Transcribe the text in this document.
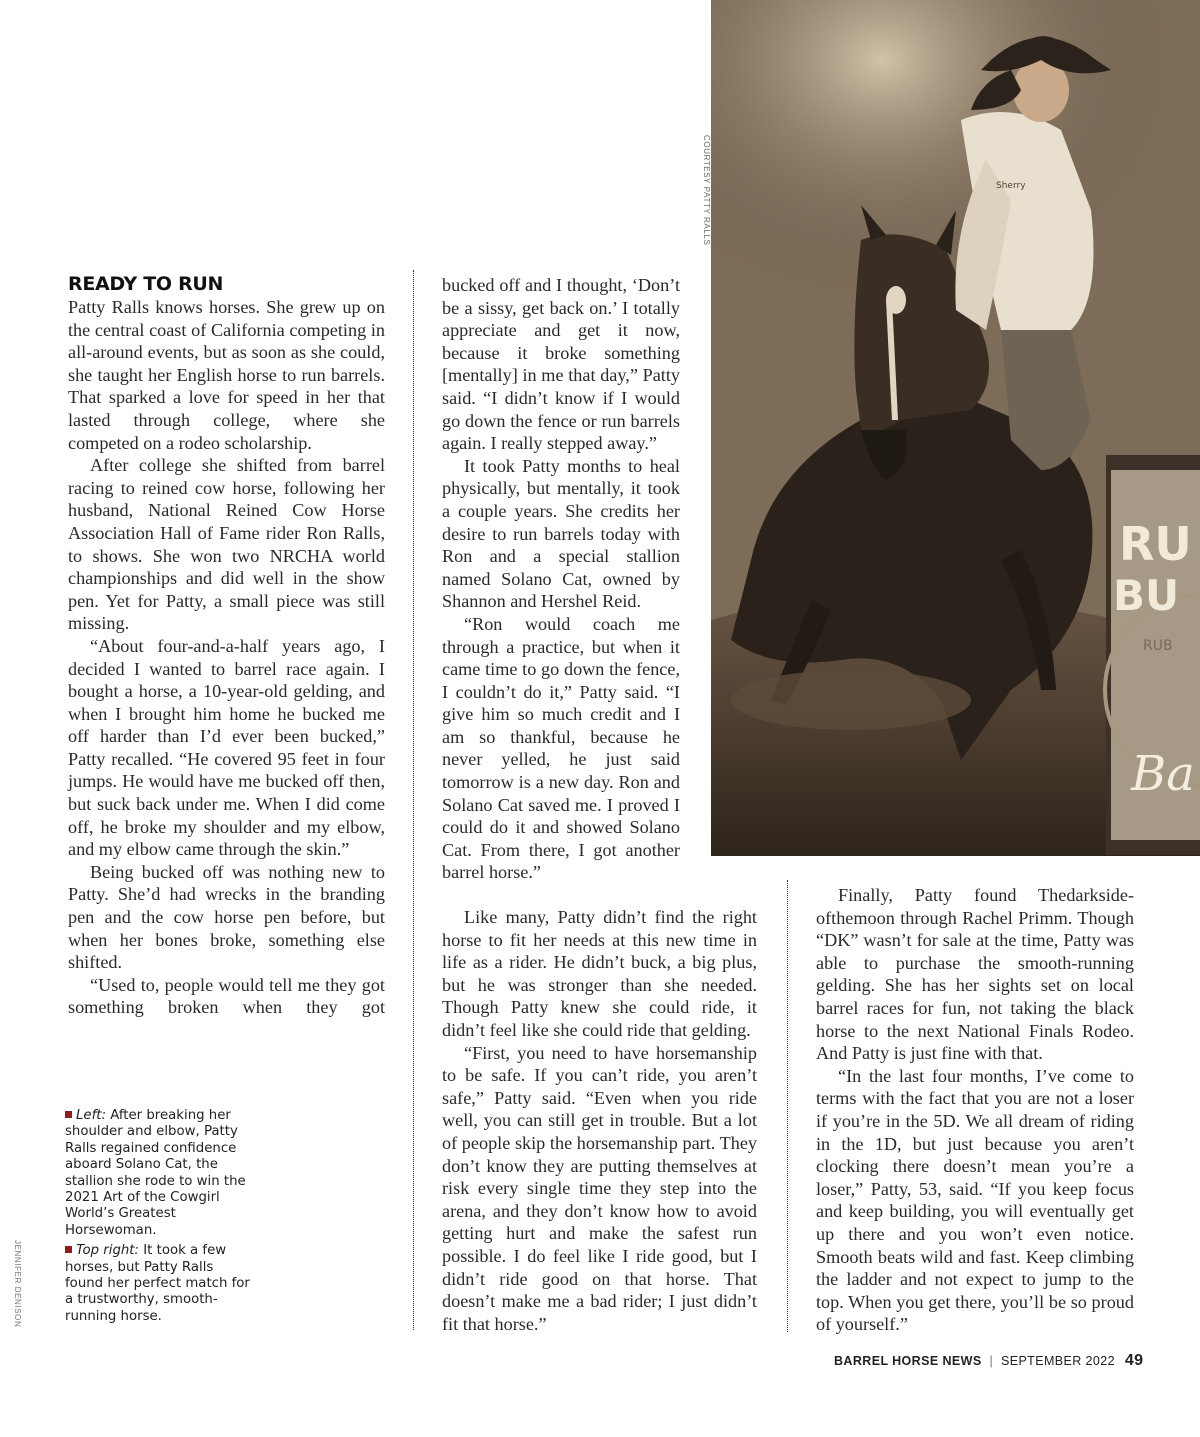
RU
BU
RUB
Ba
Sherry
COURTESY PATTY RALLS
JENNIFER DENISON
READY TO RUN

Patty Ralls knows horses. She grew up on the central coast of California competing in all-around events, but as soon as she could, she taught her English horse to run barrels. That sparked a love for speed in her that lasted through college, where she competed on a rodeo scholarship.

After college she shifted from barrel racing to reined cow horse, following her husband, National Reined Cow Horse Association Hall of Fame rider Ron Ralls, to shows. She won two NRCHA world championships and did well in the show pen. Yet for Patty, a small piece was still missing.

“About four-and-a-half years ago, I decided I wanted to barrel race again. I bought a horse, a 10-year-old gelding, and when I brought him home he bucked me off harder than I’d ever been bucked,” Patty recalled. “He covered 95 feet in four jumps. He would have me bucked off then, but suck back under me. When I did come off, he broke my shoulder and my elbow, and my elbow came through the skin.”

Being bucked off was nothing new to Patty. She’d had wrecks in the branding pen and the cow horse pen before, but when her bones broke, something else shifted.

“Used to, people would tell me they got something broken when they got

bucked off and I thought, ‘Don’t be a sissy, get back on.’ I totally appreciate and get it now, because it broke something [mentally] in me that day,” Patty said. “I didn’t know if I would go down the fence or run barrels again. I really stepped away.”

It took Patty months to heal physically, but mentally, it took a couple years. She credits her desire to run barrels today with Ron and a special stallion named Solano Cat, owned by Shannon and Hershel Reid.

“Ron would coach me through a practice, but when it came time to go down the fence, I couldn’t do it,” Patty said. “I give him so much credit and I am so thankful, because he never yelled, he just said tomorrow is a new day. Ron and Solano Cat saved me. I proved I could do it and showed Solano Cat. From there, I got another barrel horse.”

Like many, Patty didn’t find the right horse to fit her needs at this new time in life as a rider. He didn’t buck, a big plus, but he was stronger than she needed. Though Patty knew she could ride, it didn’t feel like she could ride that gelding.

“First, you need to have horsemanship to be safe. If you can’t ride, you aren’t safe,” Patty said. “Even when you ride well, you can still get in trouble. But a lot of people skip the horsemanship part. They don’t know they are putting themselves at risk every single time they step into the arena, and they don’t know how to avoid getting hurt and make the safest run possible. I do feel like I ride good, but I didn’t ride good on that horse. That doesn’t make me a bad rider; I just didn’t fit that horse.”

Finally, Patty found Thedarksideofthemoon through Rachel Primm. Though “DK” wasn’t for sale at the time, Patty was able to purchase the smooth-running gelding. She has her sights set on local barrel races for fun, not taking the black horse to the next National Finals Rodeo. And Patty is just fine with that.

“In the last four months, I’ve come to terms with the fact that you are not a loser if you’re in the 5D. We all dream of riding in the 1D, but just because you aren’t clocking there doesn’t mean you’re a loser,” Patty, 53, said. “If you keep focus and keep building, you will eventually get up there and you won’t even notice. Smooth beats wild and fast. Keep climbing the ladder and not expect to jump to the top. When you get there, you’ll be so proud of yourself.”

Left: After breaking her shoulder and elbow, Patty Ralls regained confidence aboard Solano Cat, the stallion she rode to win the 2021 Art of the Cowgirl World’s Greatest Horsewoman.

Top right: It took a few horses, but Patty Ralls found her perfect match for a trustworthy, smooth-running horse.

BARREL HORSE NEWS | SEPTEMBER 2022 49
